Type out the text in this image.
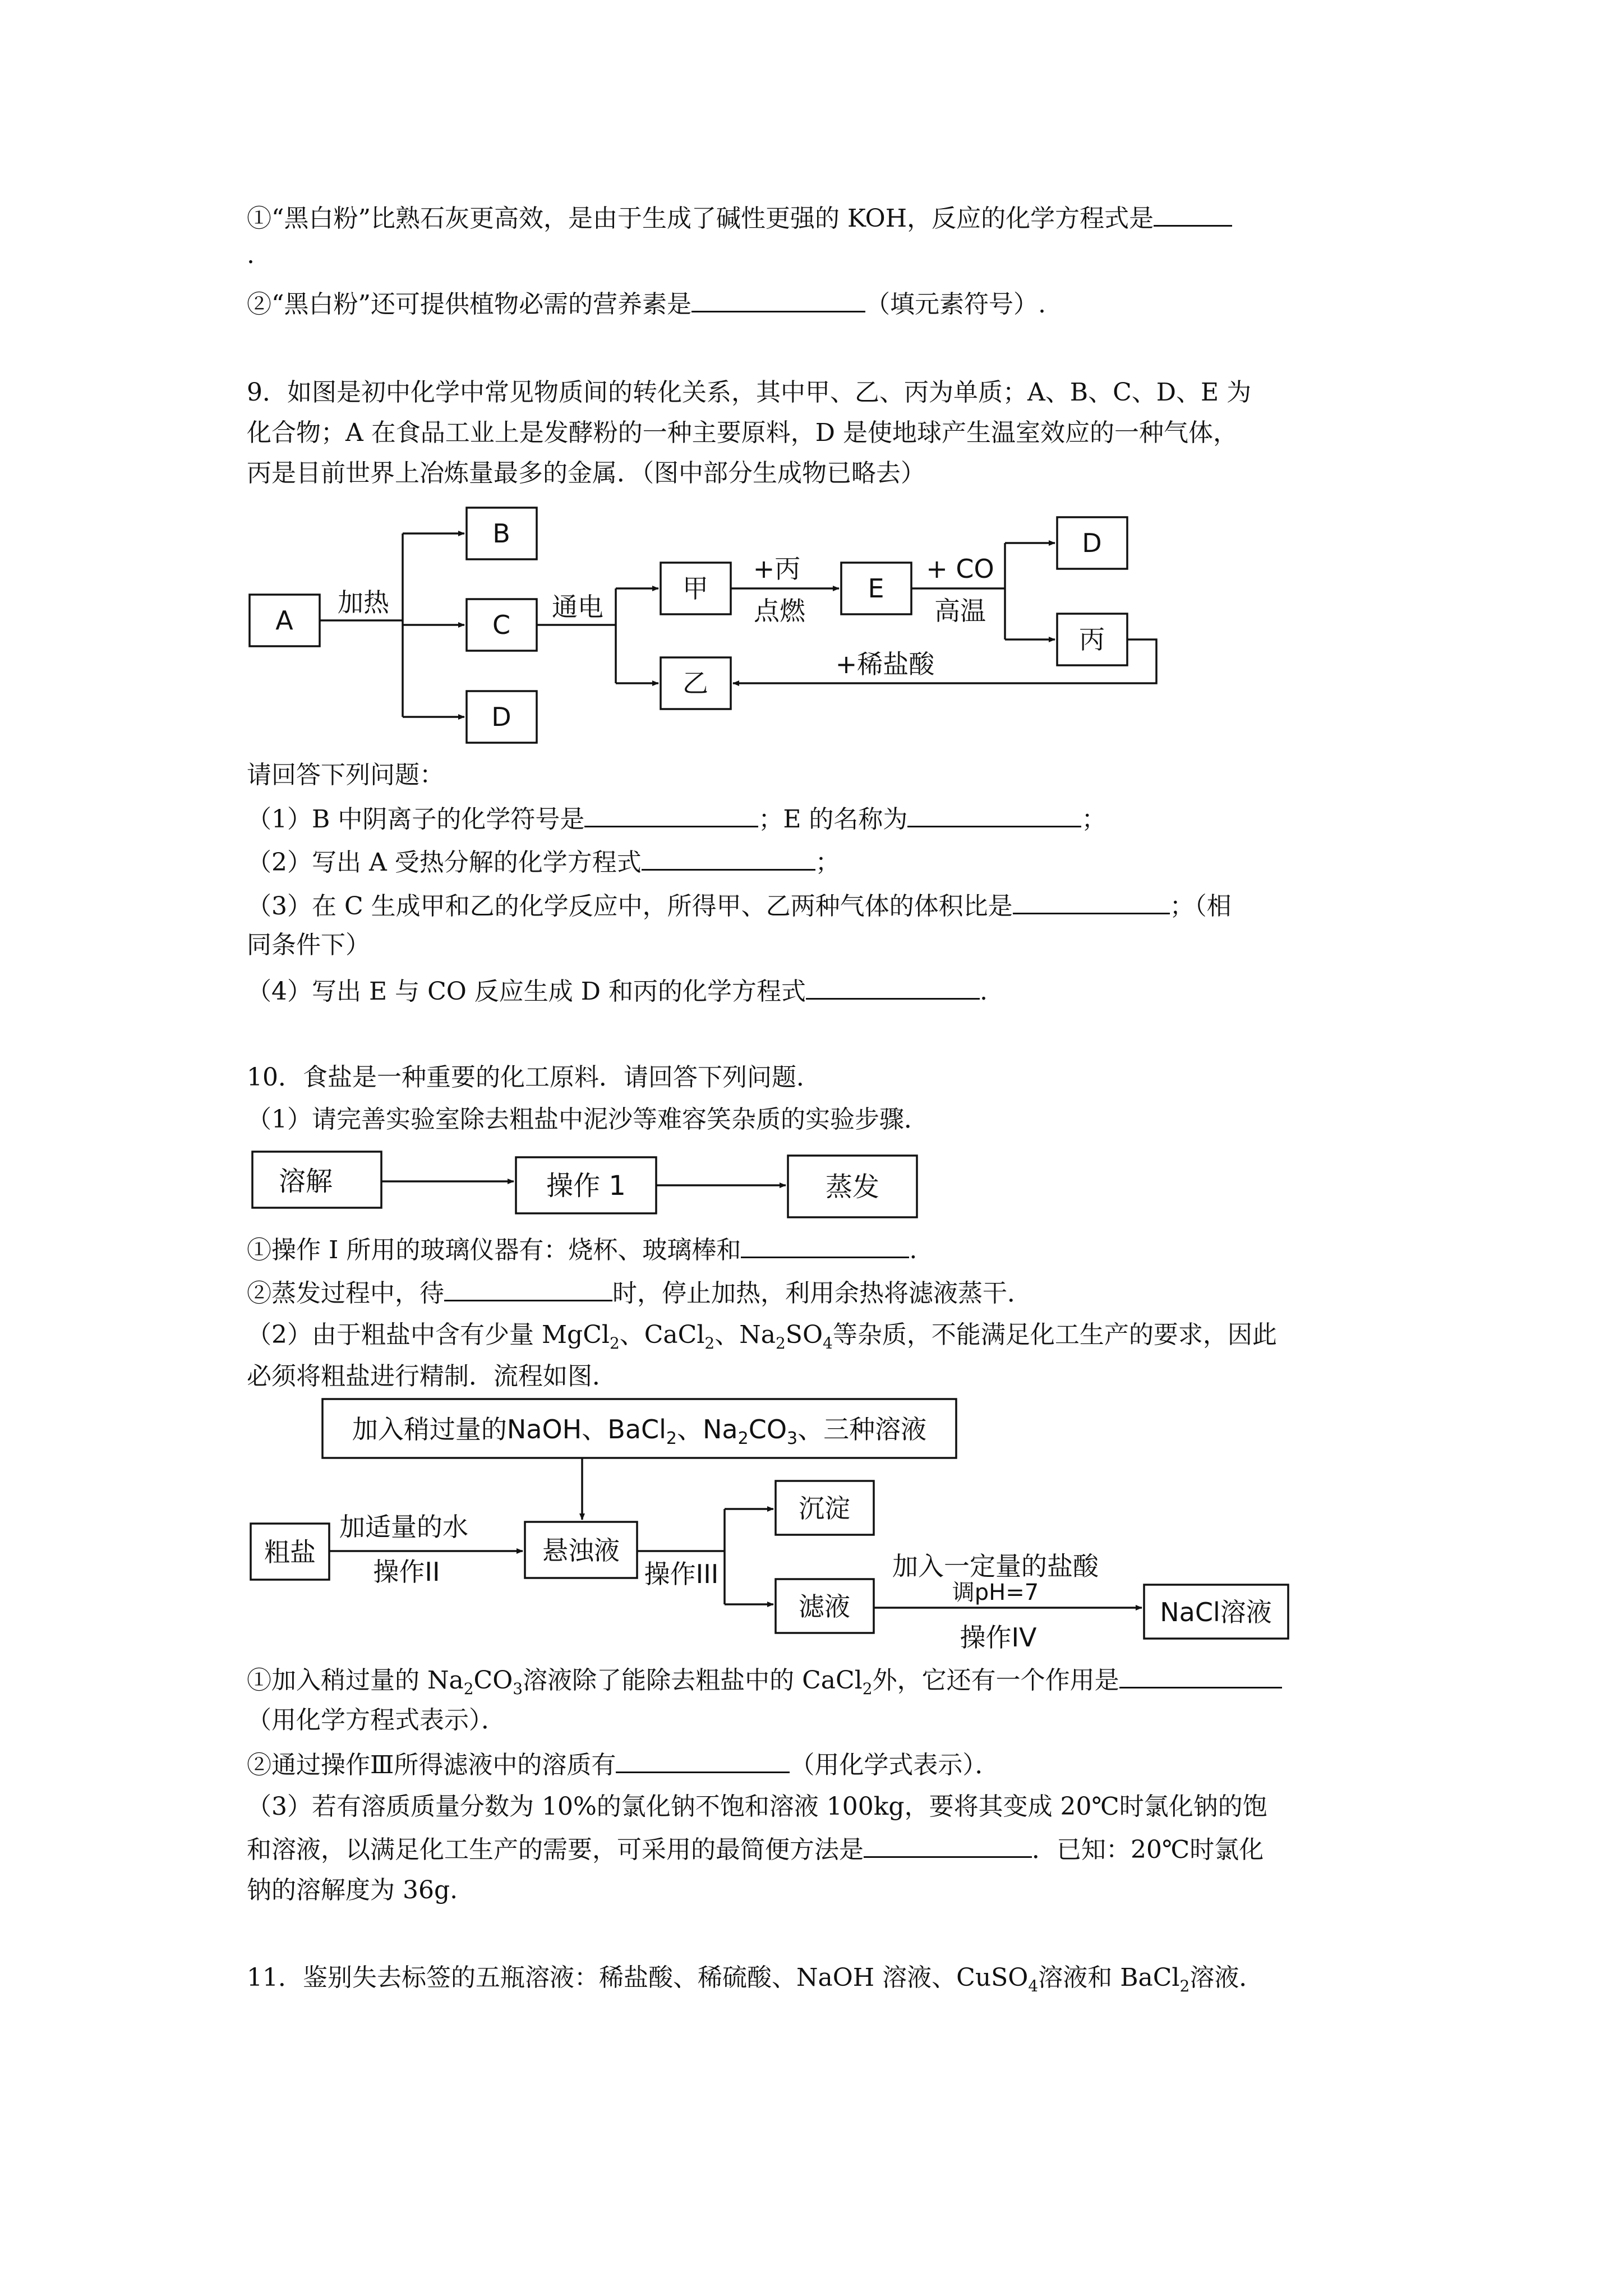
①“黑白粉”比熟石灰更高效，是由于生成了碱性更强的 KOH，反应的化学方程式是
.
②“黑白粉”还可提供植物必需的营养素是	（填元素符号）.
9．如图是初中化学中常见物质间的转化关系，其中甲、乙、丙为单质；A、B、C、D、E 为
化合物；A 在食品工业上是发酵粉的一种主要原料，D 是使地球产生温室效应的一种气体，
丙是目前世界上冶炼量最多的金属．（图中部分生成物已略去）
A
B
C
D
甲
乙
E
D
丙
加热	通电
+丙
点燃
+ CO
高温
+稀盐酸
请回答下列问题：
（1）B 中阴离子的化学符号是	；E 的名称为	；
（2）写出 A 受热分解的化学方程式	；
（3）在 C 生成甲和乙的化学反应中，所得甲、乙两种气体的体积比是	；（相
同条件下）
（4）写出 E 与 CO 反应生成 D 和丙的化学方程式	.
10．食盐是一种重要的化工原料．请回答下列问题．
（1）请完善实验室除去粗盐中泥沙等难容笑杂质的实验步骤．
溶解	操作 1	蒸发
①操作 I 所用的玻璃仪器有：烧杯、玻璃棒和	.
②蒸发过程中，待	时，停止加热，利用余热将滤液蒸干．
（2）由于粗盐中含有少量 MgCl$_2$、CaCl$_2$、$Na_2SO_4$等杂质，不能满足化工生产的要求，因此
必须将粗盐进行精制．流程如图．
加入稍过量的NaOH、BaCl$_2$、$Na_2CO_3$、三种溶液
粗盐
加适量的水
操作II
悬浊液
操作III
沉淀
滤液
加入一定量的盐酸
调pH=7
操作IV
NaCl溶液
①加入稍过量的 $Na_2CO_3$溶液除了能除去粗盐中的 CaCl$_2$外，它还有一个作用是
（用化学方程式表示）．
②通过操作Ⅲ所得滤液中的溶质有	（用化学式表示）．
（3）若有溶质质量分数为 10%的氯化钠不饱和溶液 100kg，要将其变成 20℃时氯化钠的饱
和溶液，以满足化工生产的需要，可采用的最简便方法是	．已知：20℃时氯化
钠的溶解度为 36g.
11．鉴别失去标签的五瓶溶液：稀盐酸、稀硫酸、NaOH 溶液、CuSO$_4$溶液和 BaCl$_2$溶液．
